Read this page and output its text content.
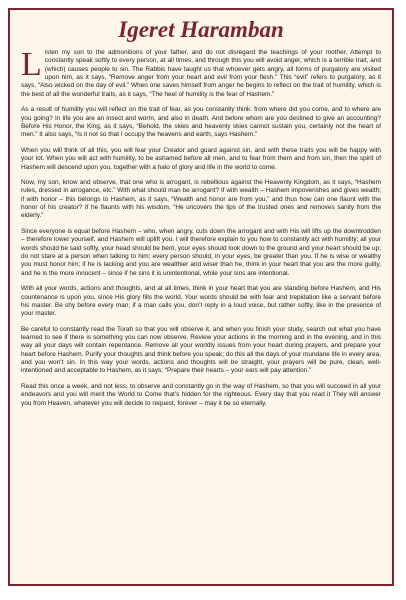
Igeret Haramban
Listen my son to the admonitions of your father, and do not disregard the teachings of your mother. Attempt to constantly speak softly to every person, at all times, and through this you will avoid anger, which is a terrible trait, and (which) causes people to sin. The Rabbis have taught us that whoever gets angry, all forms of purgatory are visited upon him, as it says, “Remove anger from your heart and evil from your flesh.” This “evil” refers to purgatory, as it says, “Also wicked on the day of evil.” When one saves himself from anger he begins to reflect on the trait of humility, which is the best of all the wonderful traits, as it says, “The heel of humility is the fear of Hashem.”
As a result of humility you will reflect on the trait of fear, as you constantly think: from where did you come, and to where are you going? In life you are an insect and worm, and also in death. And before whom are you destined to give an accounting? Before His Honor, the King, as it says, “Behold, the skies and heavenly skies cannot sustain you, certainly not the heart of men.” It also says, “Is it not so that I occupy the heavens and earth, says Hashem.”
When you will think of all this, you will fear your Creator and guard against sin, and with these traits you will be happy with your lot. When you will act with humility, to be ashamed before all men, and to fear from them and from sin, then the spirit of Hashem will descend upon you, together with a halo of glory and life in the world to come.
Now, my son, know and observe, that one who is arrogant, is rebellious against the Heavenly Kingdom, as it says, “Hashem rules, dressed in arrogance, etc.” With what should man be arrogant? If with wealth – Hashem impoverishes and gives wealth; if with honor – this belongs to Hashem, as it says, “Wealth and honor are from you,” and thus how can one flaunt with the honor of his creator? If he flaunts with his wisdom, “He uncovers the lips of the trusted ones and removes sanity from the elderly.”
Since everyone is equal before Hashem – who, when angry, cuts down the arrogant and with His will lifts up the downtrodden – therefore lower yourself, and Hashem will uplift you. I will therefore explain to you how to constantly act with humility; all your words should be said softly, your head should be bent, your eyes should look down to the ground and your heart should be up; do not stare at a person when talking to him; every person should, in your eyes, be greater than you. If he is wise or wealthy you must honor him; if he is lacking and you are wealthier and wiser than he, think in your heart that you are the more guilty, and he is the more innocent – since if he sins it is unintentional, while your sins are intentional.
With all your words, actions and thoughts, and at all times, think in your heart that you are standing before Hashem, and His countenance is upon you, since His glory fills the world. Your words should be with fear and trepidation like a servant before his master. Be shy before every man; if a man calls you, don’t reply in a loud voice, but rather softly, like in the presence of your master.
Be careful to constantly read the Torah so that you will observe it, and when you finish your study, search out what you have learned to see if there is something you can now observe. Review your actions in the morning and in the evening, and in this way all your days will contain repentance. Remove all your worldly issues from your heart during prayers, and prepare your heart before Hashem. Purify your thoughts and think before you speak; do this all the days of your mundane life in every area, and you won’t sin. In this way your words, actions and thoughts will be straight, your prayers will be pure, clean, well-intentioned and acceptable to Hashem, as it says, “Prepare their hearts – your ears will pay attention.”
Read this once a week, and not less, to observe and constantly go in the way of Hashem, so that you will succeed in all your endeavors and you will merit the World to Come that’s hidden for the righteous. Every day that you read it They will answer you from Heaven, whatever you will decide to request, forever – may it be so eternally.
